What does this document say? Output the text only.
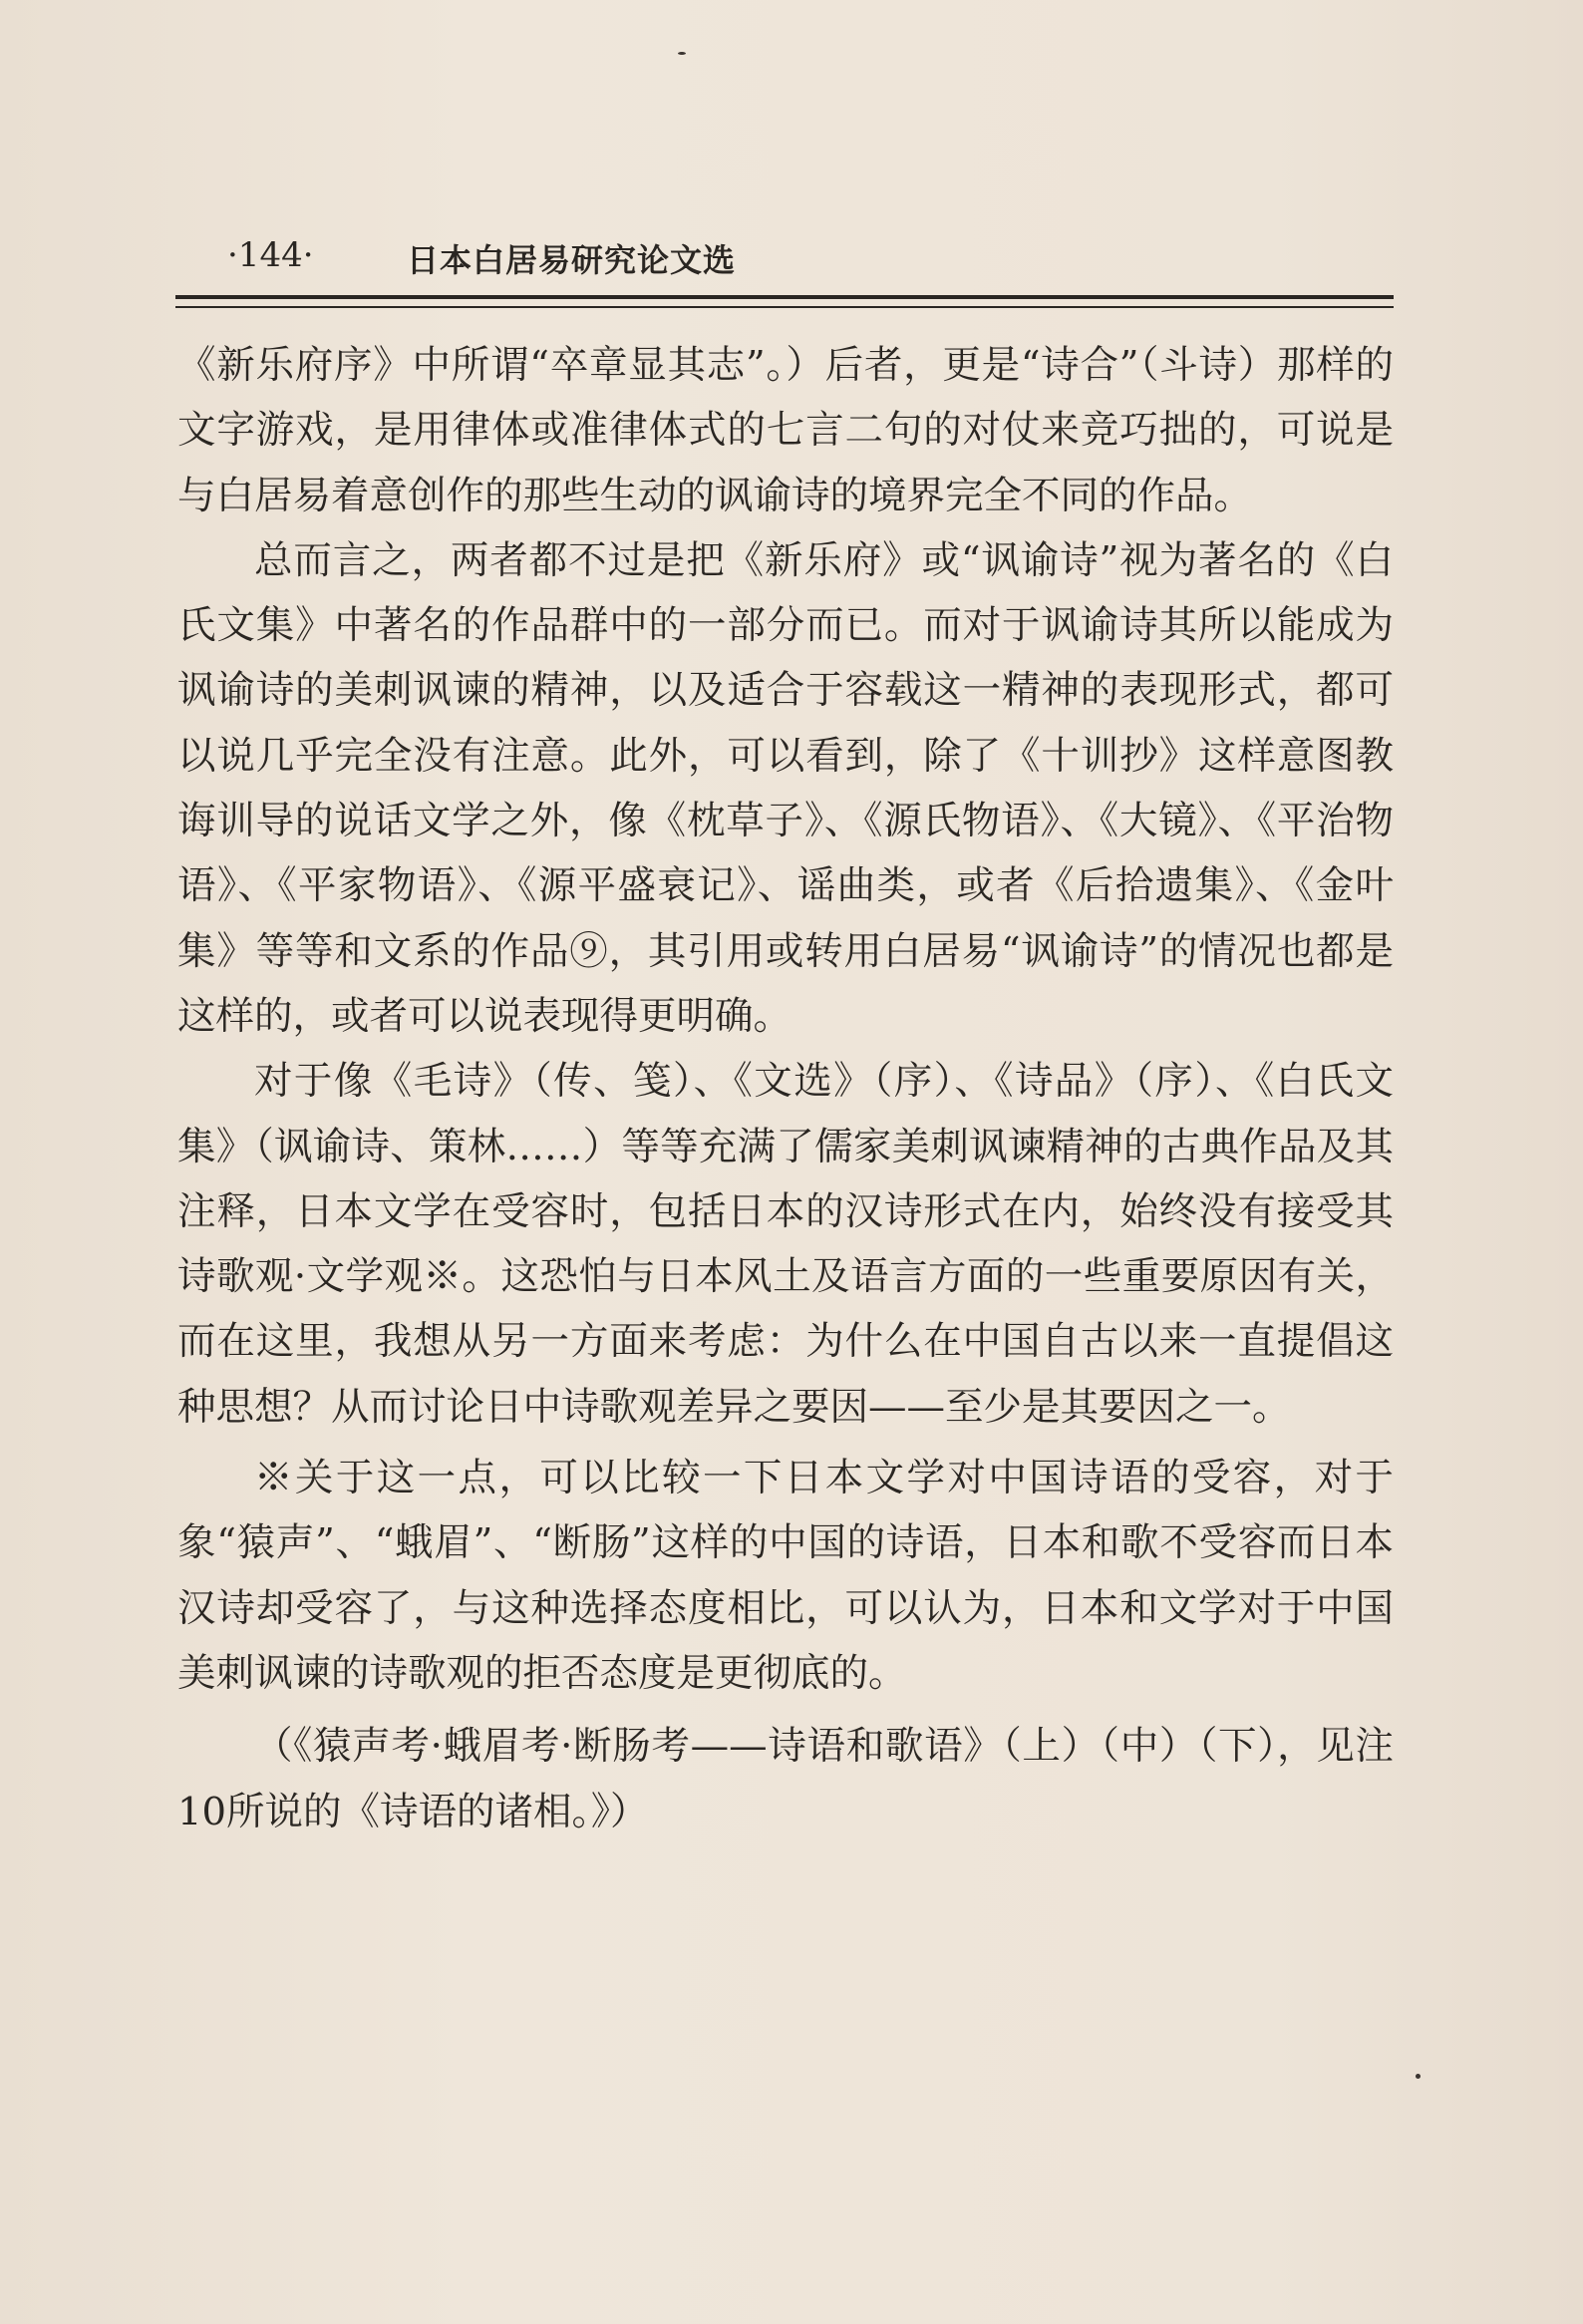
·144·	日本白居易研究论文选

《新乐府序》中所谓“卒章显其志”。）后者，更是“诗合”（斗诗）那样的文字游戏，是用律体或准律体式的七言二句的对仗来竞巧拙的，可说是与白居易着意创作的那些生动的讽谕诗的境界完全不同的作品。

总而言之，两者都不过是把《新乐府》或“讽谕诗”视为著名的《白氏文集》中著名的作品群中的一部分而已。而对于讽谕诗其所以能成为讽谕诗的美刺讽谏的精神，以及适合于容载这一精神的表现形式，都可以说几乎完全没有注意。此外，可以看到，除了《十训抄》这样意图教诲训导的说话文学之外，像《枕草子》、《源氏物语》、《大镜》、《平治物语》、《平家物语》、《源平盛衰记》、谣曲类，或者《后拾遗集》、《金叶集》等等和文系的作品⑨，其引用或转用白居易“讽谕诗”的情况也都是这样的，或者可以说表现得更明确。

对于像《毛诗》（传、笺）、《文选》（序）、《诗品》（序）、《白氏文集》（讽谕诗、策林……）等等充满了儒家美刺讽谏精神的古典作品及其注释，日本文学在受容时，包括日本的汉诗形式在内，始终没有接受其诗歌观·文学观※。这恐怕与日本风土及语言方面的一些重要原因有关，而在这里，我想从另一方面来考虑：为什么在中国自古以来一直提倡这种思想？从而讨论日中诗歌观差异之要因——至少是其要因之一。

※关于这一点，可以比较一下日本文学对中国诗语的受容，对于象“猿声”、“蛾眉”、“断肠”这样的中国的诗语，日本和歌不受容而日本汉诗却受容了，与这种选择态度相比，可以认为，日本和文学对于中国美刺讽谏的诗歌观的拒否态度是更彻底的。

（《猿声考·蛾眉考·断肠考——诗语和歌语》（上）（中）（下），见注10所说的《诗语的诸相。》）
